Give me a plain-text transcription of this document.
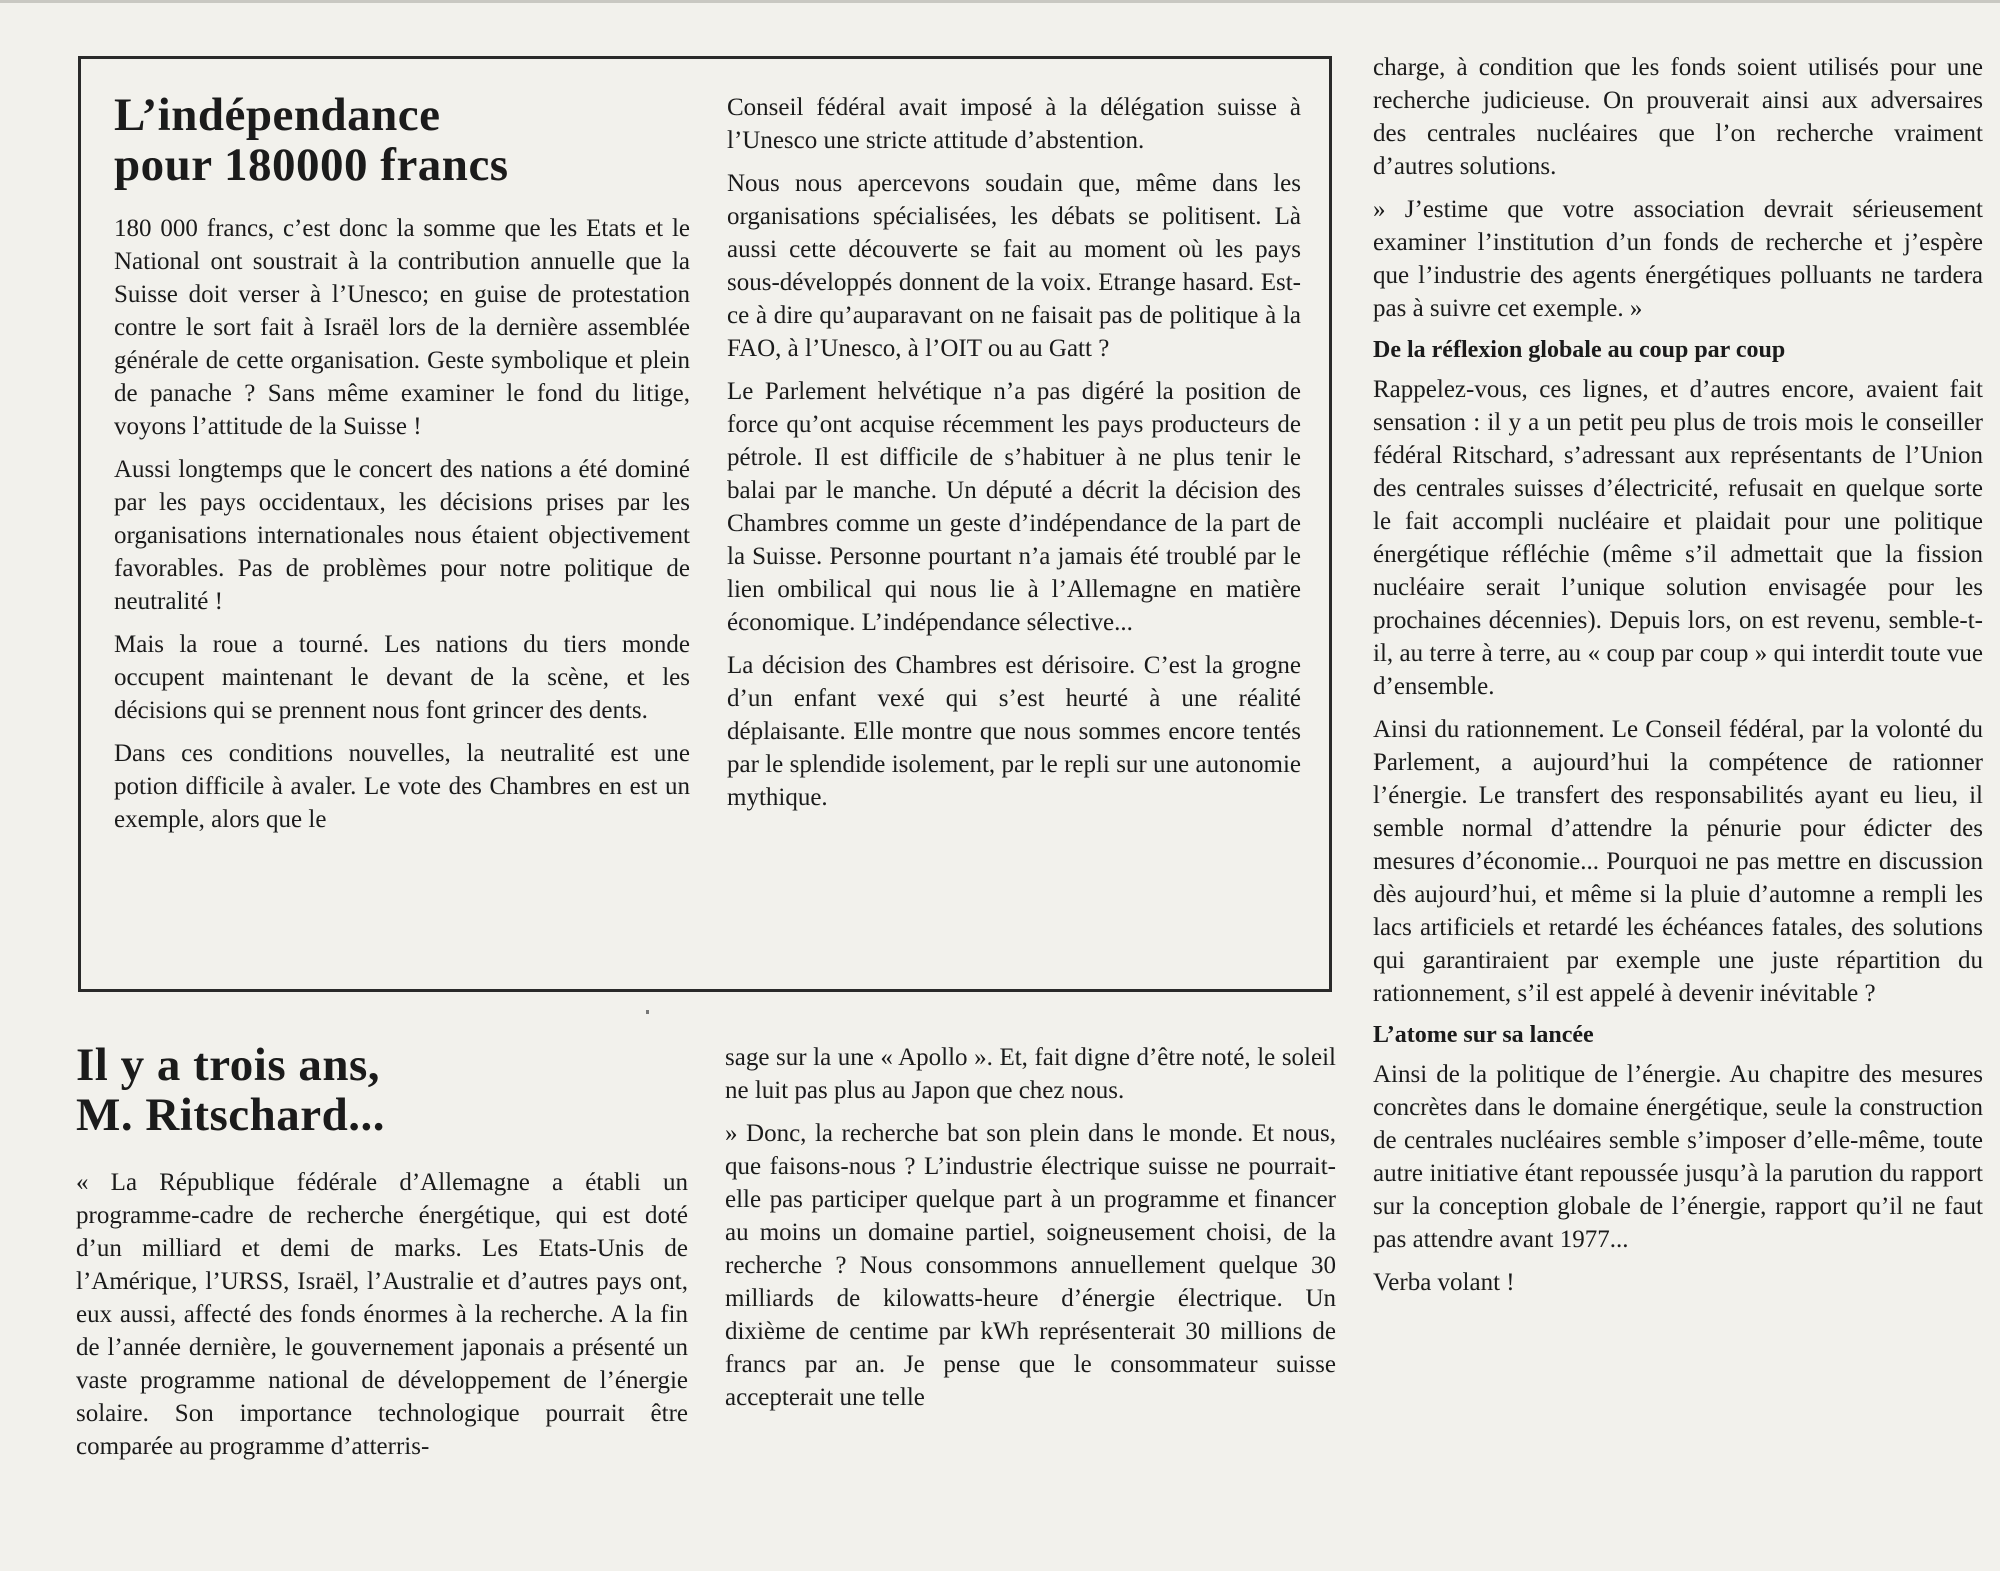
L’indépendance
pour 180000 francs

180 000 francs, c’est donc la somme que les Etats et le National ont soustrait à la contribution annuelle que la Suisse doit verser à l’Unesco; en guise de protestation contre le sort fait à Israël lors de la dernière assemblée générale de cette organisation. Geste symbolique et plein de panache ? Sans même examiner le fond du litige, voyons l’attitude de la Suisse !

Aussi longtemps que le concert des nations a été dominé par les pays occidentaux, les décisions prises par les organisations internationales nous étaient objectivement favorables. Pas de problèmes pour notre politique de neutralité !

Mais la roue a tourné. Les nations du tiers monde occupent maintenant le devant de la scène, et les décisions qui se prennent nous font grincer des dents.

Dans ces conditions nouvelles, la neutralité est une potion difficile à avaler. Le vote des Chambres en est un exemple, alors que le

Conseil fédéral avait imposé à la délégation suisse à l’Unesco une stricte attitude d’abstention.

Nous nous apercevons soudain que, même dans les organisations spécialisées, les débats se politisent. Là aussi cette découverte se fait au moment où les pays sous-développés donnent de la voix. Etrange hasard. Est-ce à dire qu’auparavant on ne faisait pas de politique à la FAO, à l’Unesco, à l’OIT ou au Gatt ?

Le Parlement helvétique n’a pas digéré la position de force qu’ont acquise récemment les pays producteurs de pétrole. Il est difficile de s’habituer à ne plus tenir le balai par le manche. Un député a décrit la décision des Chambres comme un geste d’indépendance de la part de la Suisse. Personne pourtant n’a jamais été troublé par le lien ombilical qui nous lie à l’Allemagne en matière économique. L’indépendance sélective...

La décision des Chambres est dérisoire. C’est la grogne d’un enfant vexé qui s’est heurté à une réalité déplaisante. Elle montre que nous sommes encore tentés par le splendide isolement, par le repli sur une autonomie mythique.

Il y a trois ans,
M. Ritschard...

« La République fédérale d’Allemagne a établi un programme-cadre de recherche énergétique, qui est doté d’un milliard et demi de marks. Les Etats-Unis de l’Amérique, l’URSS, Israël, l’Australie et d’autres pays ont, eux aussi, affecté des fonds énormes à la recherche. A la fin de l’année dernière, le gouvernement japonais a présenté un vaste programme national de développement de l’énergie solaire. Son importance technologique pourrait être comparée au programme d’atterris-

sage sur la une « Apollo ». Et, fait digne d’être noté, le soleil ne luit pas plus au Japon que chez nous.

» Donc, la recherche bat son plein dans le monde. Et nous, que faisons-nous ? L’industrie électrique suisse ne pourrait-elle pas participer quelque part à un programme et financer au moins un domaine partiel, soigneusement choisi, de la recherche ? Nous consommons annuellement quelque 30 milliards de kilowatts-heure d’énergie électrique. Un dixième de centime par kWh représenterait 30 millions de francs par an. Je pense que le consommateur suisse accepterait une telle

charge, à condition que les fonds soient utilisés pour une recherche judicieuse. On prouverait ainsi aux adversaires des centrales nucléaires que l’on recherche vraiment d’autres solutions.

» J’estime que votre association devrait sérieusement examiner l’institution d’un fonds de recherche et j’espère que l’industrie des agents énergétiques polluants ne tardera pas à suivre cet exemple. »

De la réflexion globale au coup par coup

Rappelez-vous, ces lignes, et d’autres encore, avaient fait sensation : il y a un petit peu plus de trois mois le conseiller fédéral Ritschard, s’adressant aux représentants de l’Union des centrales suisses d’électricité, refusait en quelque sorte le fait accompli nucléaire et plaidait pour une politique énergétique réfléchie (même s’il admettait que la fission nucléaire serait l’unique solution envisagée pour les prochaines décennies). Depuis lors, on est revenu, semble-t-il, au terre à terre, au « coup par coup » qui interdit toute vue d’ensemble.

Ainsi du rationnement. Le Conseil fédéral, par la volonté du Parlement, a aujourd’hui la compétence de rationner l’énergie. Le transfert des responsabilités ayant eu lieu, il semble normal d’attendre la pénurie pour édicter des mesures d’économie... Pourquoi ne pas mettre en discussion dès aujourd’hui, et même si la pluie d’automne a rempli les lacs artificiels et retardé les échéances fatales, des solutions qui garantiraient par exemple une juste répartition du rationnement, s’il est appelé à devenir inévitable ?

L’atome sur sa lancée

Ainsi de la politique de l’énergie. Au chapitre des mesures concrètes dans le domaine énergétique, seule la construction de centrales nucléaires semble s’imposer d’elle-même, toute autre initiative étant repoussée jusqu’à la parution du rapport sur la conception globale de l’énergie, rapport qu’il ne faut pas attendre avant 1977...

Verba volant !
